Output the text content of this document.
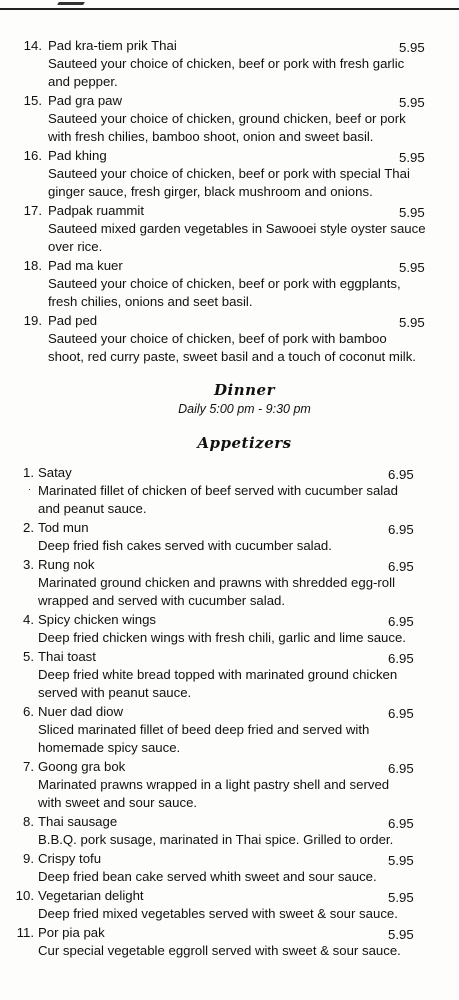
14. Pad kra-tiem prik Thai	5.95
Sauteed your choice of chicken, beef or pork with fresh garlic
and pepper.
15. Pad gra paw	5.95
Sauteed your choice of chicken, ground chicken, beef or pork
with fresh chilies, bamboo shoot, onion and sweet basil.
16. Pad khing	5.95
Sauteed your choice of chicken, beef or pork with special Thai
ginger sauce, fresh girger, black mushroom and onions.
17. Padpak ruammit	5.95
Sauteed mixed garden vegetables in Sawooei style oyster sauce
over rice.
18. Pad ma kuer	5.95
Sauteed your choice of chicken, beef or pork with eggplants,
fresh chilies, onions and seet basil.
19. Pad ped	5.95
Sauteed your choice of chicken, beef of pork with bamboo
shoot, red curry paste, sweet basil and a touch of coconut milk.
Dinner
Daily 5:00 pm - 9:30 pm
Appetizers
1. Satay	6.95
Marinated fillet of chicken of beef served with cucumber salad
and peanut sauce.
·
2. Tod mun	6.95
Deep fried fish cakes served with cucumber salad.
3. Rung nok	6.95
Marinated ground chicken and prawns with shredded egg-roll
wrapped and served with cucumber salad.
4. Spicy chicken wings	6.95
Deep fried chicken wings with fresh chili, garlic and lime sauce.
5. Thai toast	6.95
Deep fried white bread topped with marinated ground chicken
served with peanut sauce.
6. Nuer dad diow	6.95
Sliced marinated fillet of beed deep fried and served with
homemade spicy sauce.
7. Goong gra bok	6.95
Marinated prawns wrapped in a light pastry shell and served
with sweet and sour sauce.
8. Thai sausage	6.95
B.B.Q. pork susage, marinated in Thai spice. Grilled to order.
9. Crispy tofu	5.95
Deep fried bean cake served whith sweet and sour sauce.
10. Vegetarian delight	5.95
Deep fried mixed vegetables served with sweet & sour sauce.
11. Por pia pak	5.95
Cur special vegetable eggroll served with sweet & sour sauce.
